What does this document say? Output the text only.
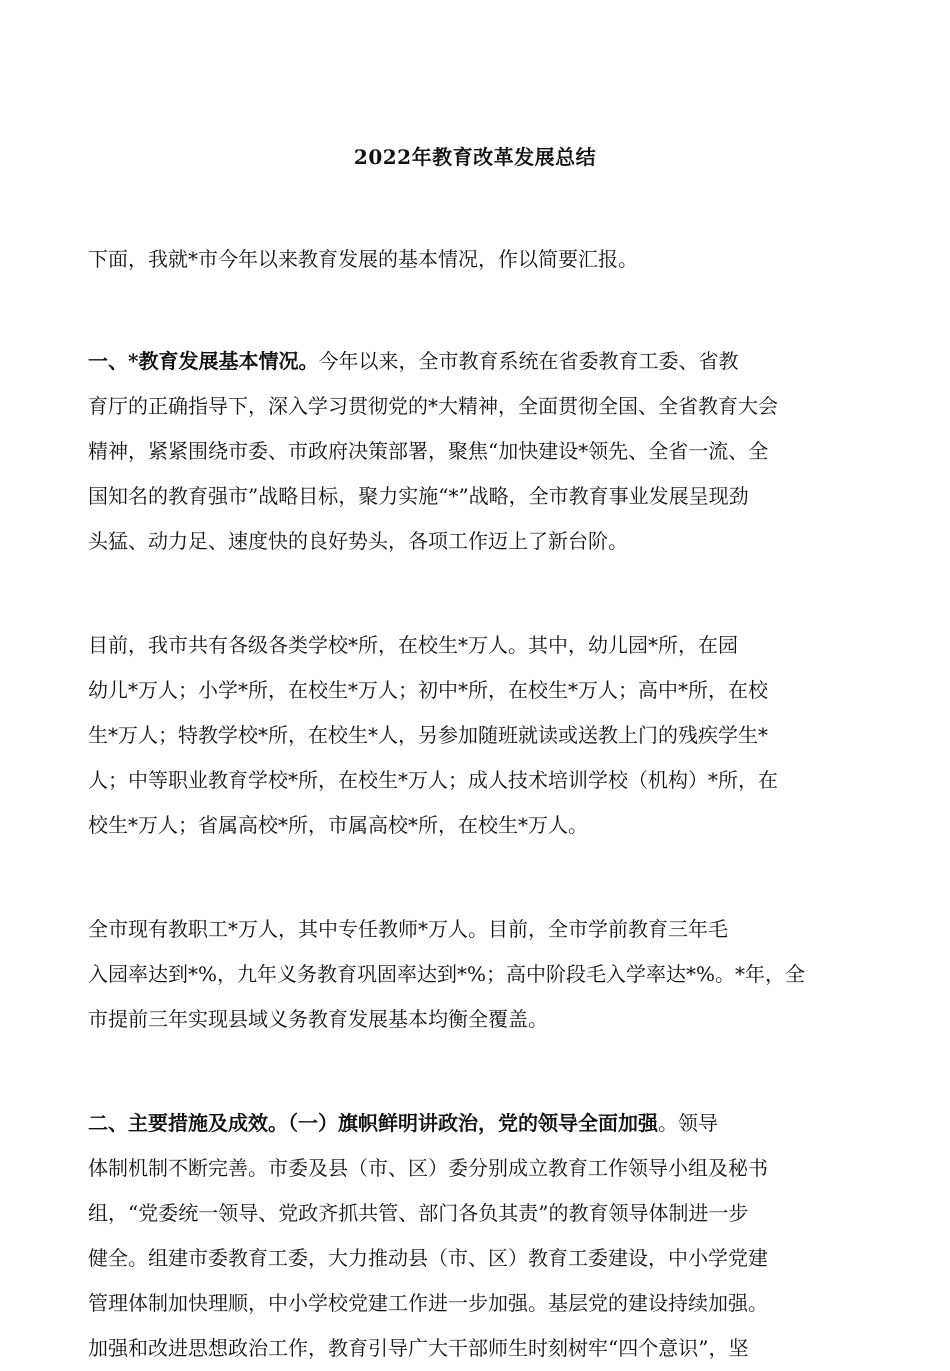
2022年教育改革发展总结

下面，我就*市今年以来教育发展的基本情况，作以简要汇报。

一、*教育发展基本情况。今年以来，全市教育系统在省委教育工委、省教
育厅的正确指导下，深入学习贯彻党的*大精神，全面贯彻全国、全省教育大会
精神，紧紧围绕市委、市政府决策部署，聚焦“加快建设*领先、全省一流、全
国知名的教育强市”战略目标，聚力实施“*”战略，全市教育事业发展呈现劲
头猛、动力足、速度快的良好势头，各项工作迈上了新台阶。

目前，我市共有各级各类学校*所，在校生*万人。其中，幼儿园*所，在园
幼儿*万人；小学*所，在校生*万人；初中*所，在校生*万人；高中*所，在校
生*万人；特教学校*所，在校生*人，另参加随班就读或送教上门的残疾学生*
人；中等职业教育学校*所，在校生*万人；成人技术培训学校（机构）*所，在
校生*万人；省属高校*所，市属高校*所，在校生*万人。

全市现有教职工*万人，其中专任教师*万人。目前，全市学前教育三年毛
入园率达到*%，九年义务教育巩固率达到*%；高中阶段毛入学率达*%。*年，全
市提前三年实现县域义务教育发展基本均衡全覆盖。

二、主要措施及成效。（一）旗帜鲜明讲政治，党的领导全面加强。领导
体制机制不断完善。市委及县（市、区）委分别成立教育工作领导小组及秘书
组，“党委统一领导、党政齐抓共管、部门各负其责”的教育领导体制进一步
健全。组建市委教育工委，大力推动县（市、区）教育工委建设，中小学党建
管理体制加快理顺，中小学校党建工作进一步加强。基层党的建设持续加强。
加强和改进思想政治工作，教育引导广大干部师生时刻树牢“四个意识”，坚
